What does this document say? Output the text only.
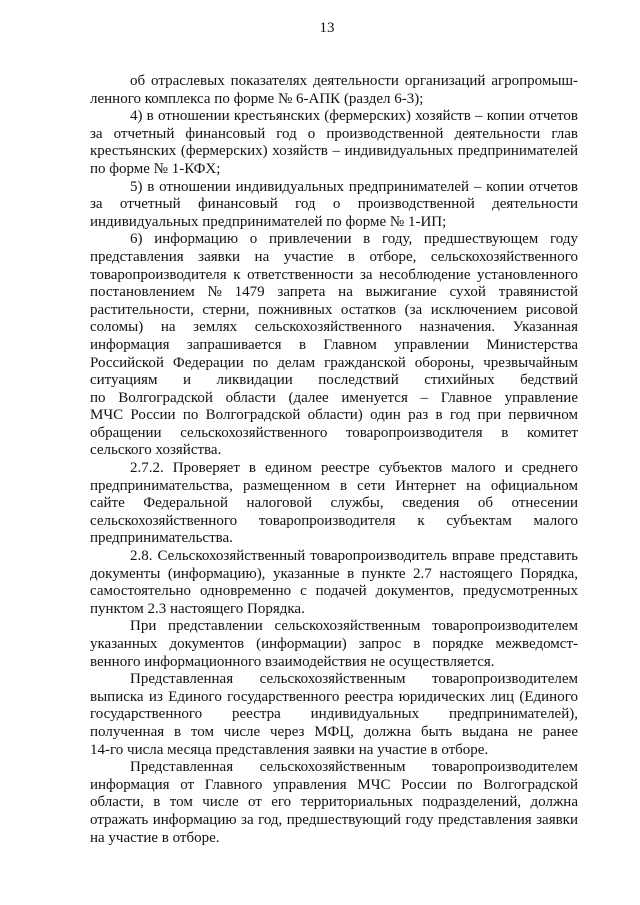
13
об отраслевых показателях деятельности организаций агропромыш-
ленного комплекса по форме № 6-АПК (раздел 6-3);
4) в отношении крестьянских (фермерских) хозяйств – копии отчетов
за отчетный финансовый год о производственной деятельности глав
крестьянских (фермерских) хозяйств – индивидуальных предпринимателей
по форме № 1-КФХ;
5) в отношении индивидуальных предпринимателей – копии отчетов
за отчетный финансовый год о производственной деятельности
индивидуальных предпринимателей по форме № 1-ИП;
6) информацию о привлечении в году, предшествующем году
представления заявки на участие в отборе, сельскохозяйственного
товаропроизводителя к ответственности за несоблюдение установленного
постановлением № 1479 запрета на выжигание сухой травянистой
растительности, стерни, пожнивных остатков (за исключением рисовой
соломы) на землях сельскохозяйственного назначения. Указанная
информация запрашивается в Главном управлении Министерства
Российской Федерации по делам гражданской обороны, чрезвычайным
ситуациям и ликвидации последствий стихийных бедствий
по Волгоградской области (далее именуется – Главное управление
МЧС России по Волгоградской области) один раз в год при первичном
обращении сельскохозяйственного товаропроизводителя в комитет
сельского хозяйства.
2.7.2. Проверяет в едином реестре субъектов малого и среднего
предпринимательства, размещенном в сети Интернет на официальном
сайте Федеральной налоговой службы, сведения об отнесении
сельскохозяйственного товаропроизводителя к субъектам малого
предпринимательства.
2.8. Сельскохозяйственный товаропроизводитель вправе представить
документы (информацию), указанные в пункте 2.7 настоящего Порядка,
самостоятельно одновременно с подачей документов, предусмотренных
пунктом 2.3 настоящего Порядка.
При представлении сельскохозяйственным товаропроизводителем
указанных документов (информации) запрос в порядке межведомст-
венного информационного взаимодействия не осуществляется.
Представленная сельскохозяйственным товаропроизводителем
выписка из Единого государственного реестра юридических лиц (Единого
государственного реестра индивидуальных предпринимателей),
полученная в том числе через МФЦ, должна быть выдана не ранее
14-го числа месяца представления заявки на участие в отборе.
Представленная сельскохозяйственным товаропроизводителем
информация от Главного управления МЧС России по Волгоградской
области, в том числе от его территориальных подразделений, должна
отражать информацию за год, предшествующий году представления заявки
на участие в отборе.
